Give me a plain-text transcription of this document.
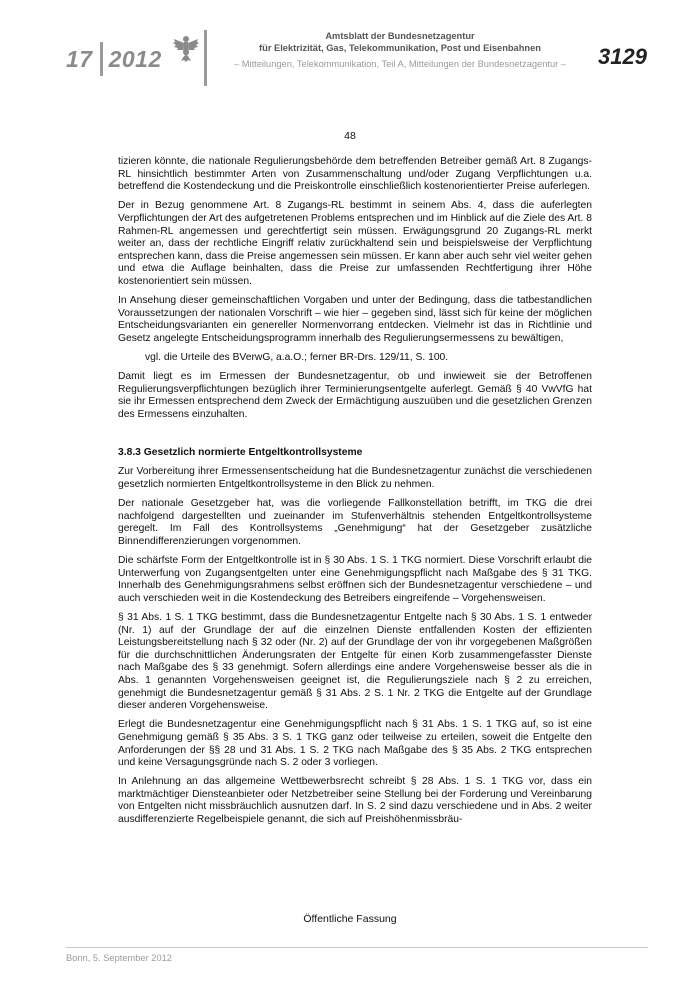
17 2012
Amtsblatt der Bundesnetzagentur
für Elektrizität, Gas, Telekommunikation, Post und Eisenbahnen
– Mitteilungen, Telekommunikation, Teil A, Mitteilungen der Bundesnetzagentur –	3129
48

tizieren könnte, die nationale Regulierungsbehörde dem betreffenden Betreiber gemäß Art. 8 Zugangs-RL hinsichtlich bestimmter Arten von Zusammenschaltung und/oder Zugang Verpflichtungen u.a. betreffend die Kostendeckung und die Preiskontrolle einschließlich kostenorientierter Preise auferlegen.

Der in Bezug genommene Art. 8 Zugangs-RL bestimmt in seinem Abs. 4, dass die auferlegten Verpflichtungen der Art des aufgetretenen Problems entsprechen und im Hinblick auf die Ziele des Art. 8 Rahmen-RL angemessen und gerechtfertigt sein müssen. Erwägungsgrund 20 Zugangs-RL merkt weiter an, dass der rechtliche Eingriff relativ zurückhaltend sein und beispielsweise der Verpflichtung entsprechen kann, dass die Preise angemessen sein müssen. Er kann aber auch sehr viel weiter gehen und etwa die Auflage beinhalten, dass die Preise zur umfassenden Rechtfertigung ihrer Höhe kostenorientiert sein müssen.

In Ansehung dieser gemeinschaftlichen Vorgaben und unter der Bedingung, dass die tatbestandlichen Voraussetzungen der nationalen Vorschrift – wie hier – gegeben sind, lässt sich für keine der möglichen Entscheidungsvarianten ein genereller Normenvorrang entdecken. Vielmehr ist das in Richtlinie und Gesetz angelegte Entscheidungsprogramm innerhalb des Regulierungsermessens zu bewältigen,

vgl. die Urteile des BVerwG, a.a.O.; ferner BR-Drs. 129/11, S. 100.

Damit liegt es im Ermessen der Bundesnetzagentur, ob und inwieweit sie der Betroffenen Regulierungsverpflichtungen bezüglich ihrer Terminierungsentgelte auferlegt. Gemäß § 40 VwVfG hat sie ihr Ermessen entsprechend dem Zweck der Ermächtigung auszuüben und die gesetzlichen Grenzen des Ermessens einzuhalten.

3.8.3 Gesetzlich normierte Entgeltkontrollsysteme

Zur Vorbereitung ihrer Ermessensentscheidung hat die Bundesnetzagentur zunächst die verschiedenen gesetzlich normierten Entgeltkontrollsysteme in den Blick zu nehmen.

Der nationale Gesetzgeber hat, was die vorliegende Fallkonstellation betrifft, im TKG die drei nachfolgend dargestellten und zueinander im Stufenverhältnis stehenden Entgeltkontrollsysteme geregelt. Im Fall des Kontrollsystems „Genehmigung“ hat der Gesetzgeber zusätzliche Binnendifferenzierungen vorgenommen.

Die schärfste Form der Entgeltkontrolle ist in § 30 Abs. 1 S. 1 TKG normiert. Diese Vorschrift erlaubt die Unterwerfung von Zugangsentgelten unter eine Genehmigungspflicht nach Maßgabe des § 31 TKG. Innerhalb des Genehmigungsrahmens selbst eröffnen sich der Bundesnetzagentur verschiedene – und auch verschieden weit in die Kostendeckung des Betreibers eingreifende – Vorgehensweisen.

§ 31 Abs. 1 S. 1 TKG bestimmt, dass die Bundesnetzagentur Entgelte nach § 30 Abs. 1 S. 1 entweder (Nr. 1) auf der Grundlage der auf die einzelnen Dienste entfallenden Kosten der effizienten Leistungsbereitstellung nach § 32 oder (Nr. 2) auf der Grundlage der von ihr vorgegebenen Maßgrößen für die durchschnittlichen Änderungsraten der Entgelte für einen Korb zusammengefasster Dienste nach Maßgabe des § 33 genehmigt. Sofern allerdings eine andere Vorgehensweise besser als die in Abs. 1 genannten Vorgehensweisen geeignet ist, die Regulierungsziele nach § 2 zu erreichen, genehmigt die Bundesnetzagentur gemäß § 31 Abs. 2 S. 1 Nr. 2 TKG die Entgelte auf der Grundlage dieser anderen Vorgehensweise.

Erlegt die Bundesnetzagentur eine Genehmigungspflicht nach § 31 Abs. 1 S. 1 TKG auf, so ist eine Genehmigung gemäß § 35 Abs. 3 S. 1 TKG ganz oder teilweise zu erteilen, soweit die Entgelte den Anforderungen der §§ 28 und 31 Abs. 1 S. 2 TKG nach Maßgabe des § 35 Abs. 2 TKG entsprechen und keine Versagungsgründe nach S. 2 oder 3 vorliegen.

In Anlehnung an das allgemeine Wettbewerbsrecht schreibt § 28 Abs. 1 S. 1 TKG vor, dass ein marktmächtiger Diensteanbieter oder Netzbetreiber seine Stellung bei der Forderung und Vereinbarung von Entgelten nicht missbräuchlich ausnutzen darf. In S. 2 sind dazu verschiedene und in Abs. 2 weiter ausdifferenzierte Regelbeispiele genannt, die sich auf Preishöhenmissbräu-

Öffentliche Fassung
Bonn, 5. September 2012
